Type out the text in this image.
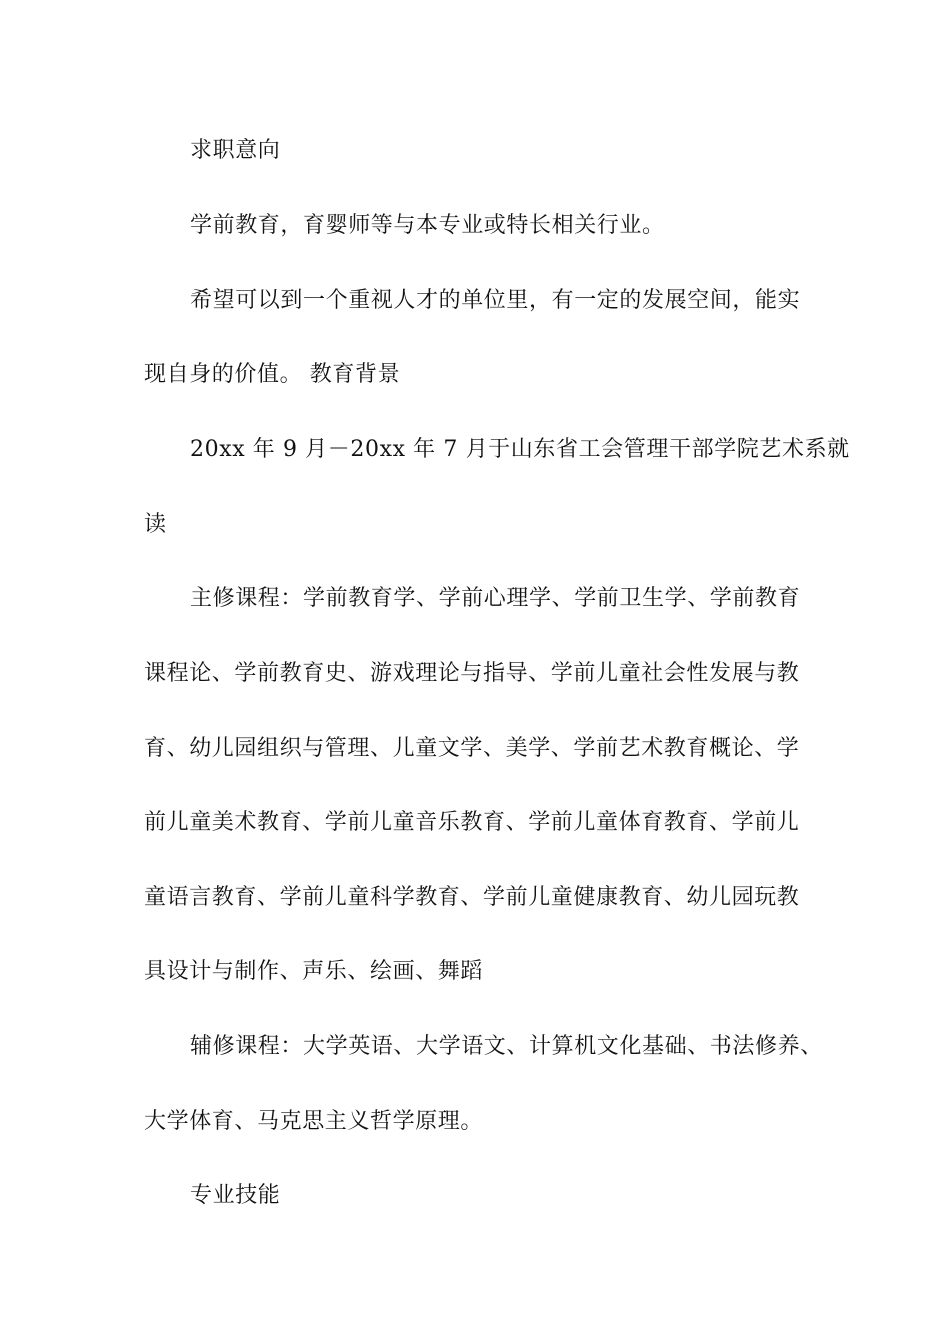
求职意向
学前教育，育婴师等与本专业或特长相关行业。
希望可以到一个重视人才的单位里，有一定的发展空间，能实
现自身的价值。 教育背景
20xx 年 9 月－20xx 年 7 月于山东省工会管理干部学院艺术系就
读
主修课程：学前教育学、学前心理学、学前卫生学、学前教育
课程论、学前教育史、游戏理论与指导、学前儿童社会性发展与教
育、幼儿园组织与管理、儿童文学、美学、学前艺术教育概论、学
前儿童美术教育、学前儿童音乐教育、学前儿童体育教育、学前儿
童语言教育、学前儿童科学教育、学前儿童健康教育、幼儿园玩教
具设计与制作、声乐、绘画、舞蹈
辅修课程：大学英语、大学语文、计算机文化基础、书法修养、
大学体育、马克思主义哲学原理。
专业技能
